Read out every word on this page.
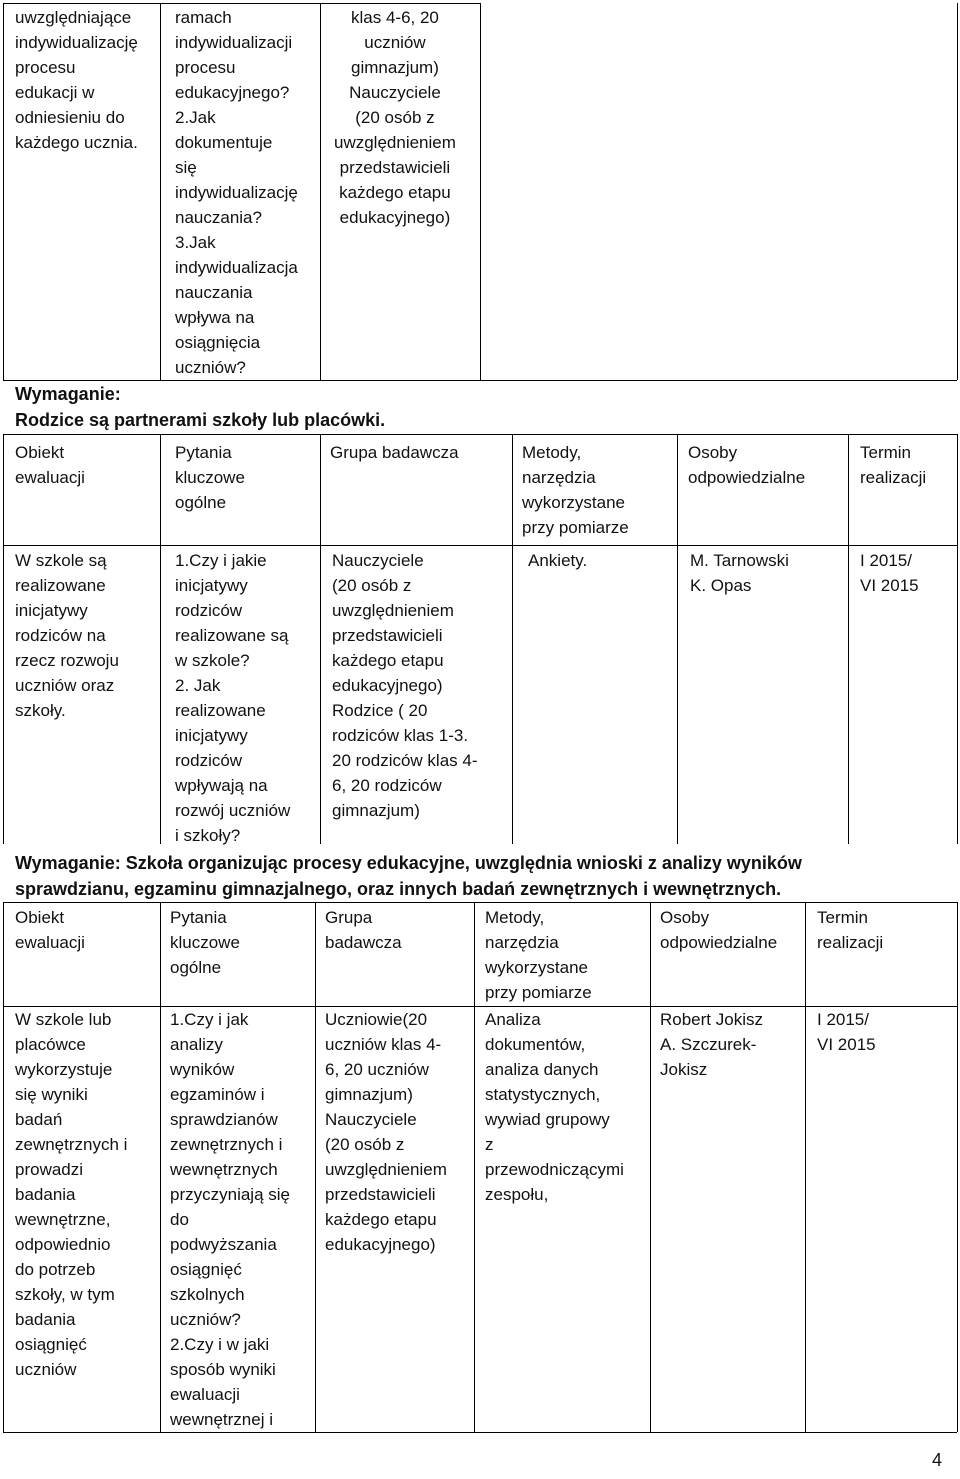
uwzględniające
indywidualizację
procesu
edukacji w
odniesieniu do
każdego ucznia.
ramach
indywidualizacji
procesu
edukacyjnego?
2.Jak
dokumentuje
się
indywidualizację
nauczania?
3.Jak
indywidualizacja
nauczania
wpływa na
osiągnięcia
uczniów?
klas 4-6, 20
uczniów
gimnazjum)
Nauczyciele
(20 osób z
uwzględnieniem
przedstawicieli
każdego etapu
edukacyjnego)
Wymaganie:
Rodzice są partnerami szkoły lub placówki.
Obiekt
ewaluacji
Pytania
kluczowe
ogólne
Grupa badawcza	Metody,
narzędzia
wykorzystane
przy pomiarze
Osoby
odpowiedzialne
Termin
realizacji
W szkole są
realizowane
inicjatywy
rodziców na
rzecz rozwoju
uczniów oraz
szkoły.
1.Czy i jakie
inicjatywy
rodziców
realizowane są
w szkole?
2. Jak
realizowane
inicjatywy
rodziców
wpływają na
rozwój uczniów
i szkoły?
Nauczyciele
(20 osób z
uwzględnieniem
przedstawicieli
każdego etapu
edukacyjnego)
Rodzice ( 20
rodziców klas 1-3.
20 rodziców klas 4-
6, 20 rodziców
gimnazjum)
Ankiety.	M. Tarnowski
K. Opas
I 2015/
VI 2015
Wymaganie: Szkoła organizując procesy edukacyjne, uwzględnia wnioski z analizy wyników
sprawdzianu, egzaminu gimnazjalnego, oraz innych badań zewnętrznych i wewnętrznych.
Obiekt
ewaluacji
Pytania
kluczowe
ogólne
Grupa
badawcza
Metody,
narzędzia
wykorzystane
przy pomiarze
Osoby
odpowiedzialne
Termin
realizacji
W szkole lub
placówce
wykorzystuje
się wyniki
badań
zewnętrznych i
prowadzi
badania
wewnętrzne,
odpowiednio
do potrzeb
szkoły, w tym
badania
osiągnięć
uczniów
1.Czy i jak
analizy
wyników
egzaminów i
sprawdzianów
zewnętrznych i
wewnętrznych
przyczyniają się
do
podwyższania
osiągnięć
szkolnych
uczniów?
2.Czy i w jaki
sposób wyniki
ewaluacji
wewnętrznej i
Uczniowie(20
uczniów klas 4-
6, 20 uczniów
gimnazjum)
Nauczyciele
(20 osób z
uwzględnieniem
przedstawicieli
każdego etapu
edukacyjnego)
Analiza
dokumentów,
analiza danych
statystycznych,
wywiad grupowy
z
przewodniczącymi
zespołu,
Robert Jokisz
A. Szczurek-
Jokisz
I 2015/
VI 2015
4
